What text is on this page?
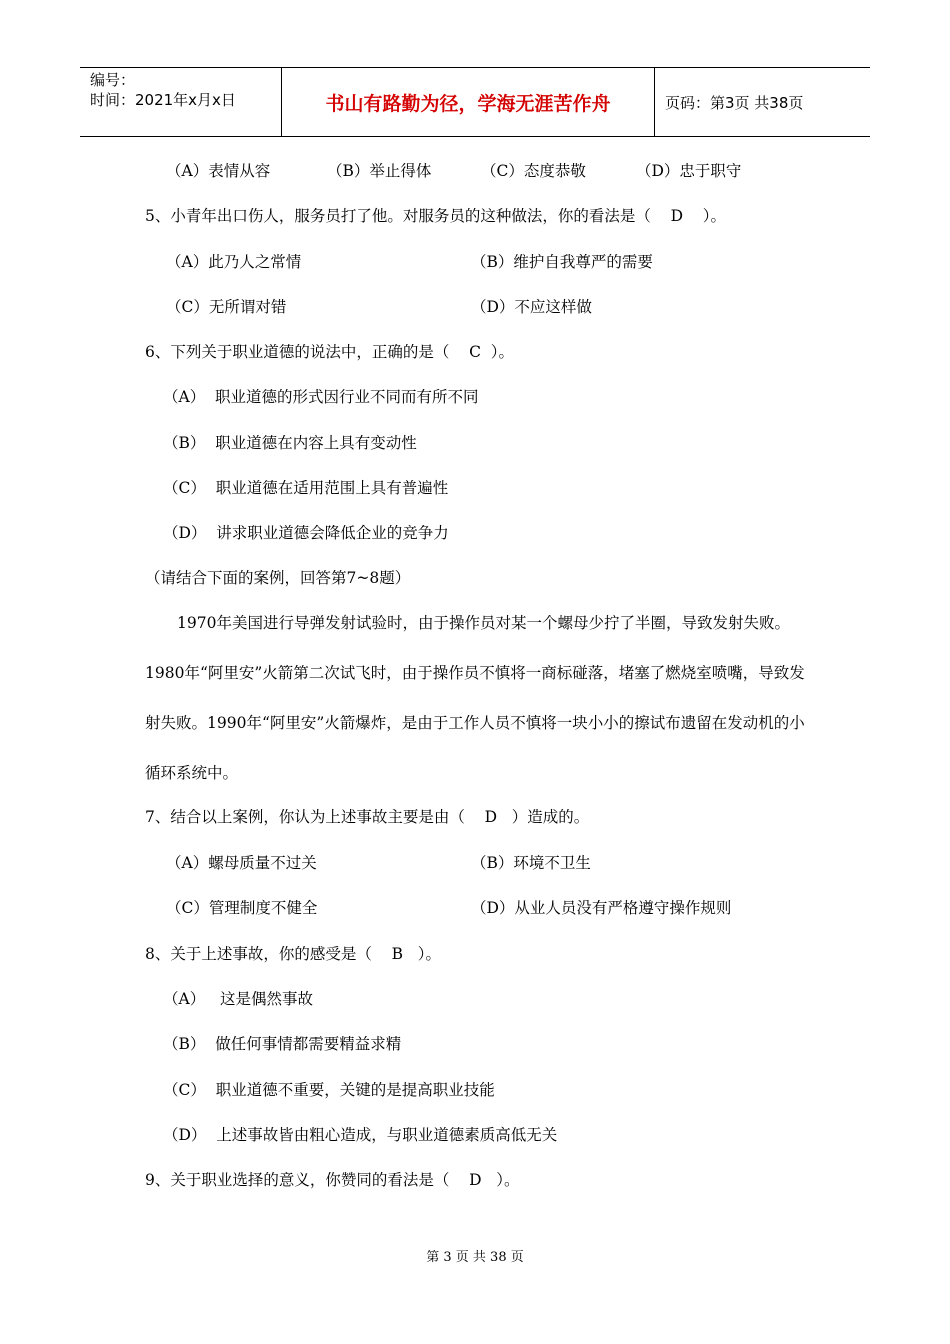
编号：
时间：2021年x月x日	书山有路勤为径，学海无涯苦作舟	页码：第3页 共38页
（A）表情从容	（B）举止得体	（C）态度恭敬	（D）忠于职守
5、小青年出口伤人，服务员打了他。对服务员的这种做法，你的看法是（    D    ）。
（A）此乃人之常情	（B）维护自我尊严的需要
（C）无所谓对错	（D）不应这样做
6、下列关于职业道德的说法中，正确的是（    C  ）。
（A）  职业道德的形式因行业不同而有所不同
（B）  职业道德在内容上具有变动性
（C）  职业道德在适用范围上具有普遍性
（D）  讲求职业道德会降低企业的竞争力
（请结合下面的案例，回答第7~8题）
1970年美国进行导弹发射试验时，由于操作员对某一个螺母少拧了半圈，导致发射失败。1980年“阿里安”火箭第二次试飞时，由于操作员不慎将一商标碰落，堵塞了燃烧室喷嘴，导致发射失败。1990年“阿里安”火箭爆炸，是由于工作人员不慎将一块小小的擦试布遗留在发动机的小循环系统中。
7、结合以上案例，你认为上述事故主要是由（    D   ）造成的。
（A）螺母质量不过关	（B）环境不卫生
（C）管理制度不健全	（D）从业人员没有严格遵守操作规则
8、关于上述事故，你的感受是（    B   ）。
（A）   这是偶然事故
（B）  做任何事情都需要精益求精
（C）  职业道德不重要，关键的是提高职业技能
（D）  上述事故皆由粗心造成，与职业道德素质高低无关
9、关于职业选择的意义，你赞同的看法是（    D   ）。
第 3 页 共 38 页
